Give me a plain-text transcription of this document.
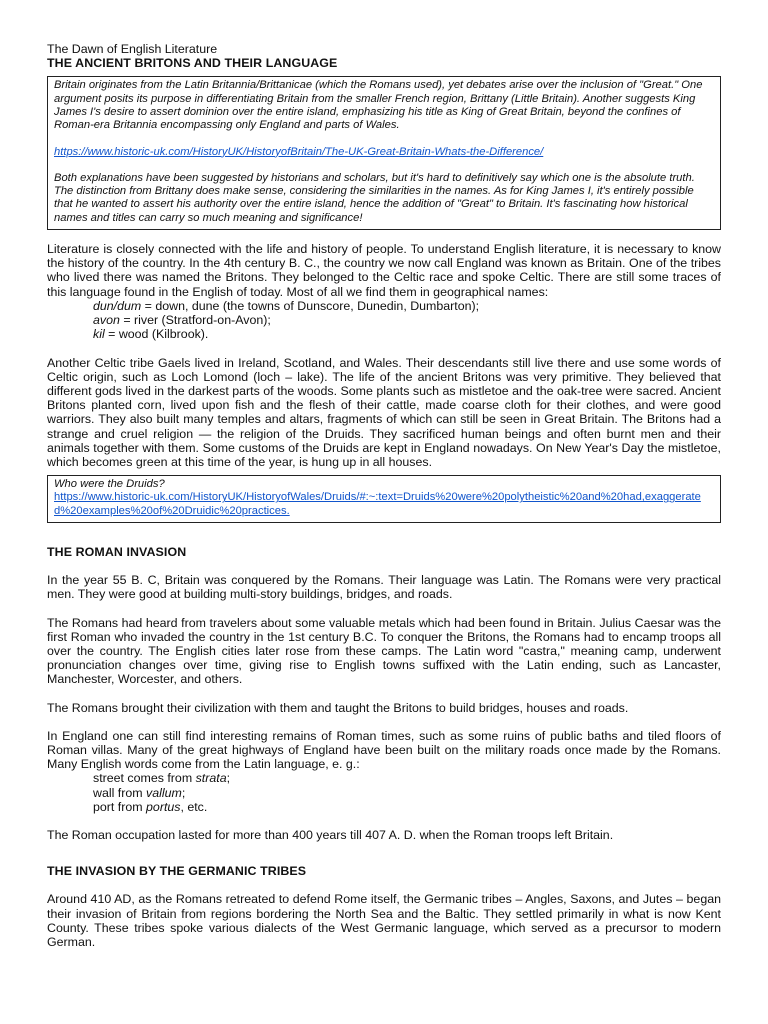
The Dawn of English Literature
THE ANCIENT BRITONS AND THEIR LANGUAGE

Britain originates from the Latin Britannia/Brittanicae (which the Romans used), yet debates arise over the inclusion of "Great." One argument posits its purpose in differentiating Britain from the smaller French region, Brittany (Little Britain). Another suggests King James I's desire to assert dominion over the entire island, emphasizing his title as King of Great Britain, beyond the confines of Roman-era Britannia encompassing only England and parts of Wales.

https://www.historic-uk.com/HistoryUK/HistoryofBritain/The-UK-Great-Britain-Whats-the-Difference/

Both explanations have been suggested by historians and scholars, but it's hard to definitively say which one is the absolute truth. The distinction from Brittany does make sense, considering the similarities in the names. As for King James I, it's entirely possible that he wanted to assert his authority over the entire island, hence the addition of "Great" to Britain. It's fascinating how historical names and titles can carry so much meaning and significance!

Literature is closely connected with the life and history of people. To understand English literature, it is necessary to know the history of the country. In the 4th century B. C., the country we now call England was known as Britain. One of the tribes who lived there was named the Britons. They belonged to the Celtic race and spoke Celtic. There are still some traces of this language found in the English of today. Most of all we find them in geographical names:

dun/dum = down, dune (the towns of Dunscore, Dunedin, Dumbarton);
avon = river (Stratford-on-Avon);
kil = wood (Kilbrook).

Another Celtic tribe Gaels lived in Ireland, Scotland, and Wales. Their descendants still live there and use some words of Celtic origin, such as Loch Lomond (loch – lake). The life of the ancient Britons was very primitive. They believed that different gods lived in the darkest parts of the woods. Some plants such as mistletoe and the oak-tree were sacred. Ancient Britons planted corn, lived upon fish and the flesh of their cattle, made coarse cloth for their clothes, and were good warriors. They also built many temples and altars, fragments of which can still be seen in Great Britain. The Britons had a strange and cruel religion — the religion of the Druids. They sacrificed human beings and often burnt men and their animals together with them. Some customs of the Druids are kept in England nowadays. On New Year's Day the mistletoe, which becomes green at this time of the year, is hung up in all houses.

Who were the Druids?

https://www.historic-uk.com/HistoryUK/HistoryofWales/Druids/#:~:text=Druids%20were%20polytheistic%20and%20had,exaggerated%20examples%20of%20Druidic%20practices.

THE ROMAN INVASION

In the year 55 B. C, Britain was conquered by the Romans. Their language was Latin. The Romans were very practical men. They were good at building multi-story buildings, bridges, and roads.

The Romans had heard from travelers about some valuable metals which had been found in Britain. Julius Caesar was the first Roman who invaded the country in the 1st century B.C. To conquer the Britons, the Romans had to encamp troops all over the country. The English cities later rose from these camps. The Latin word "castra," meaning camp, underwent pronunciation changes over time, giving rise to English towns suffixed with the Latin ending, such as Lancaster, Manchester, Worcester, and others.

The Romans brought their civilization with them and taught the Britons to build bridges, houses and roads.

In England one can still find interesting remains of Roman times, such as some ruins of public baths and tiled floors of Roman villas. Many of the great highways of England have been built on the military roads once made by the Romans. Many English words come from the Latin language, e. g.:

street comes from strata;
wall from vallum;
port from portus, etc.

The Roman occupation lasted for more than 400 years till 407 A. D. when the Roman troops left Britain.

THE INVASION BY THE GERMANIC TRIBES

Around 410 AD, as the Romans retreated to defend Rome itself, the Germanic tribes – Angles, Saxons, and Jutes – began their invasion of Britain from regions bordering the North Sea and the Baltic. They settled primarily in what is now Kent County. These tribes spoke various dialects of the West Germanic language, which served as a precursor to modern German.
